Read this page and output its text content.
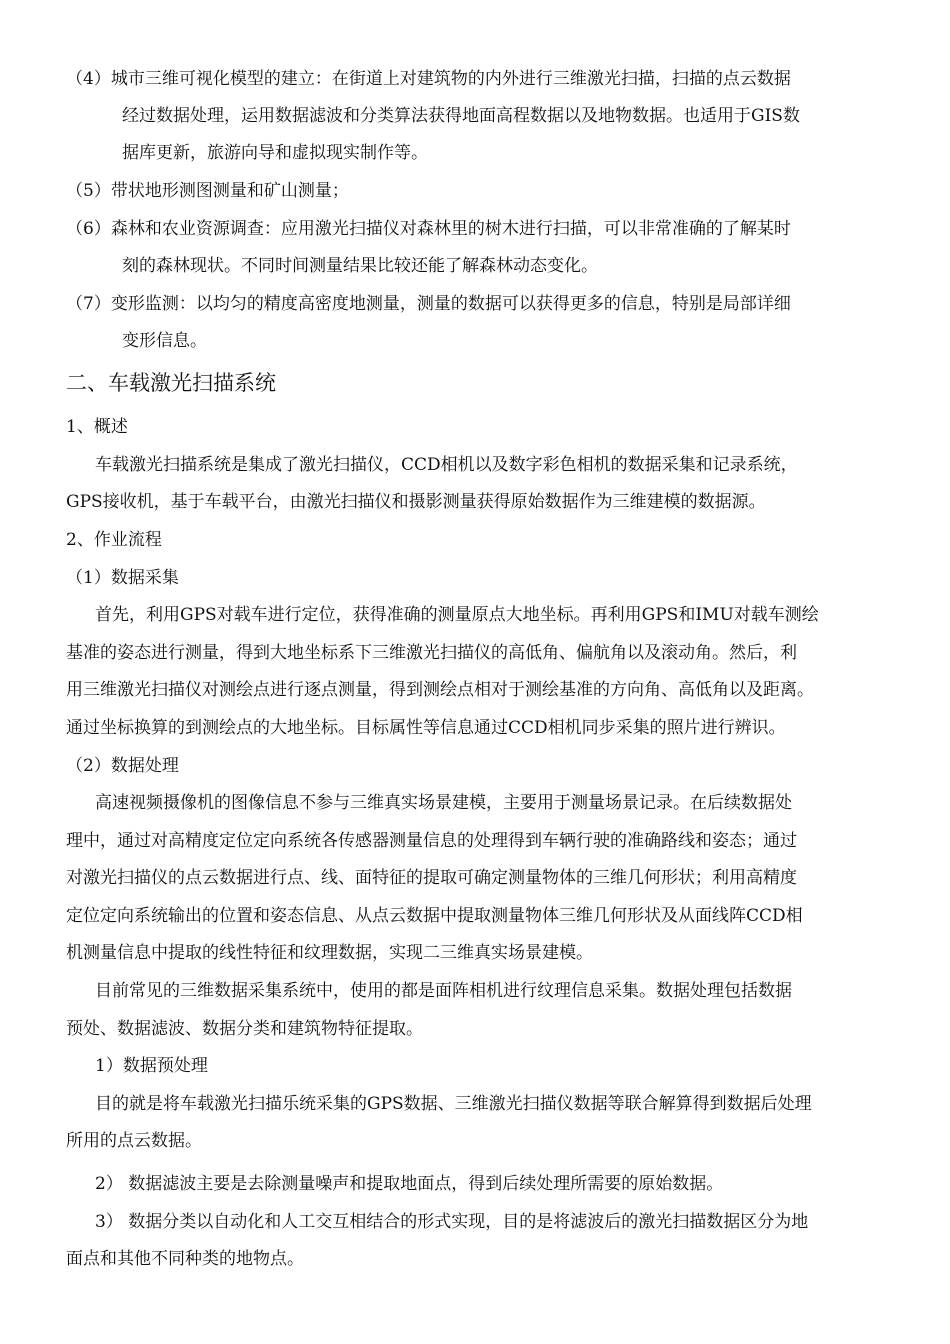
（4）城市三维可视化模型的建立：在街道上对建筑物的内外进行三维激光扫描，扫描的点云数据
经过数据处理，运用数据滤波和分类算法获得地面高程数据以及地物数据。也适用于GIS数
据库更新，旅游向导和虚拟现实制作等。
（5）带状地形测图测量和矿山测量；
（6）森林和农业资源调查：应用激光扫描仪对森林里的树木进行扫描，可以非常准确的了解某时
刻的森林现状。不同时间测量结果比较还能了解森林动态变化。
（7）变形监测：以均匀的精度高密度地测量，测量的数据可以获得更多的信息，特别是局部详细
变形信息。
二、车载激光扫描系统
1、概述
车载激光扫描系统是集成了激光扫描仪，CCD相机以及数字彩色相机的数据采集和记录系统，
GPS接收机，基于车载平台，由激光扫描仪和摄影测量获得原始数据作为三维建模的数据源。
2、作业流程
（1）数据采集
首先，利用GPS对载车进行定位，获得准确的测量原点大地坐标。再利用GPS和IMU对载车测绘
基准的姿态进行测量，得到大地坐标系下三维激光扫描仪的高低角、偏航角以及滚动角。然后，利
用三维激光扫描仪对测绘点进行逐点测量，得到测绘点相对于测绘基准的方向角、高低角以及距离。
通过坐标换算的到测绘点的大地坐标。目标属性等信息通过CCD相机同步采集的照片进行辨识。
（2）数据处理
高速视频摄像机的图像信息不参与三维真实场景建模，主要用于测量场景记录。在后续数据处
理中，通过对高精度定位定向系统各传感器测量信息的处理得到车辆行驶的准确路线和姿态；通过
对激光扫描仪的点云数据进行点、线、面特征的提取可确定测量物体的三维几何形状；利用高精度
定位定向系统输出的位置和姿态信息、从点云数据中提取测量物体三维几何形状及从面线阵CCD相
机测量信息中提取的线性特征和纹理数据，实现二三维真实场景建模。
目前常见的三维数据采集系统中，使用的都是面阵相机进行纹理信息采集。数据处理包括数据
预处、数据滤波、数据分类和建筑物特征提取。
1）数据预处理
目的就是将车载激光扫描乐统采集的GPS数据、三维激光扫描仪数据等联合解算得到数据后处理
所用的点云数据。
2） 数据滤波主要是去除测量噪声和提取地面点，得到后续处理所需要的原始数据。
3） 数据分类以自动化和人工交互相结合的形式实现，目的是将滤波后的激光扫描数据区分为地
面点和其他不同种类的地物点。
